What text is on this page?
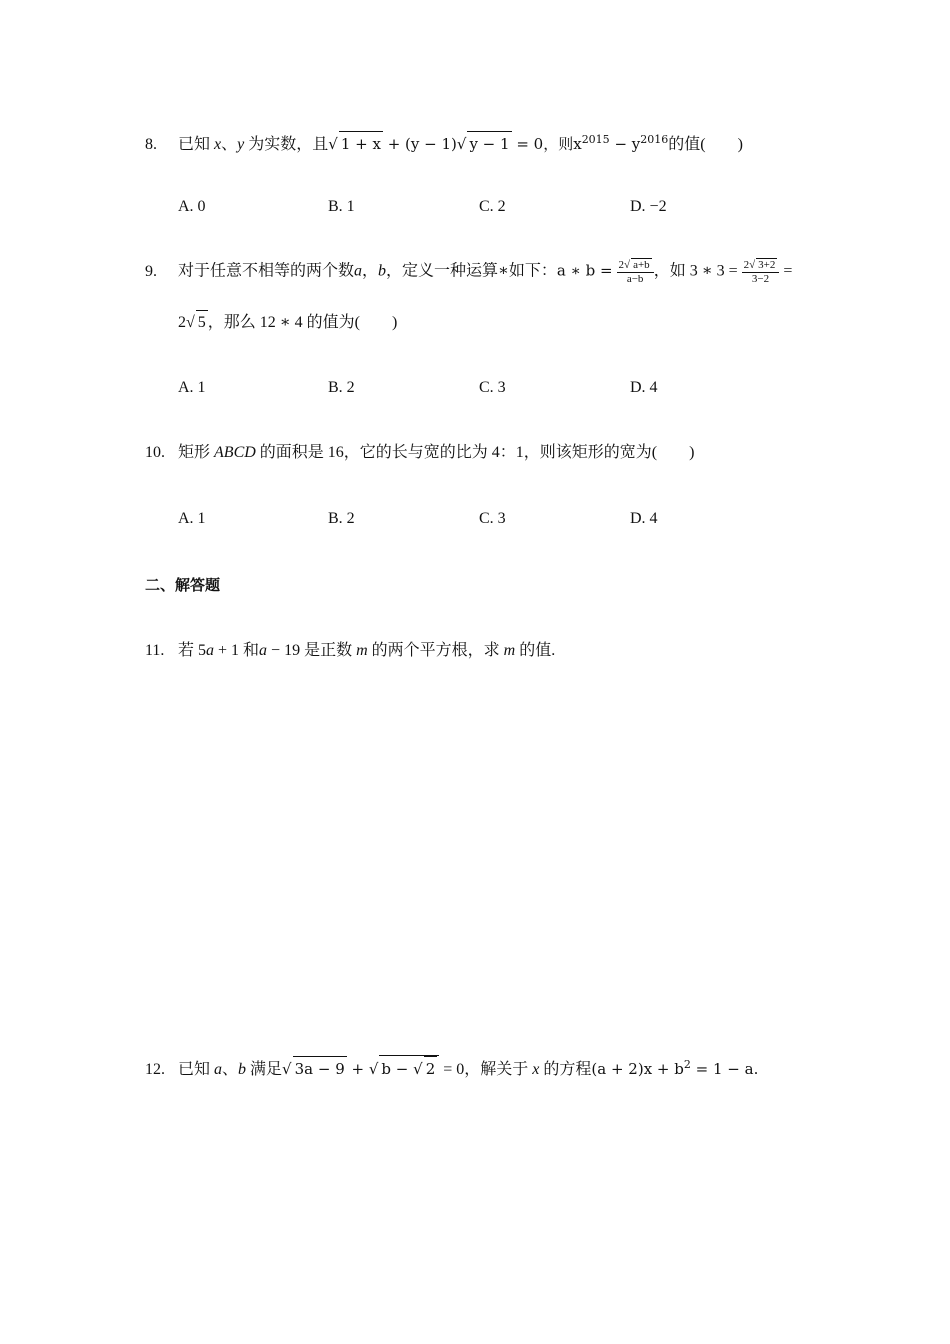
8. 已知 x、y 为实数，且√ 1 + x + (y − 1)√ y − 1 = 0，则$x^{2015} - y^{2016}$的值(　　)
A. 0	B. 1	C. 2	D. −2
9. 对于任意不相等的两个数a，b，定义一种运算∗如下：a ∗ $b = \frac{2√ a+b}{a-b}$ ，如 3 ∗ $3 = \frac{2√ 3+2}{3-2}$ =
2√ 5 ，那么 12 ∗ 4 的值为(　　)
A. 1	B. 2	C. 3	D. 4
10. 矩形 ABCD 的面积是 16，它的长与宽的比为 4：1，则该矩形的宽为(　　)
A. 1	B. 2	C. 3	D. 4
二、解答题
11. 若 5a + 1 和a − 19 是正数 m 的两个平方根，求 m 的值.
12. 已知 a、b 满足√ 3a − 9 + √ b − √ 2 = 0，解关于 x 的方程$(a + 2)x + b^2 = 1 - a$.
